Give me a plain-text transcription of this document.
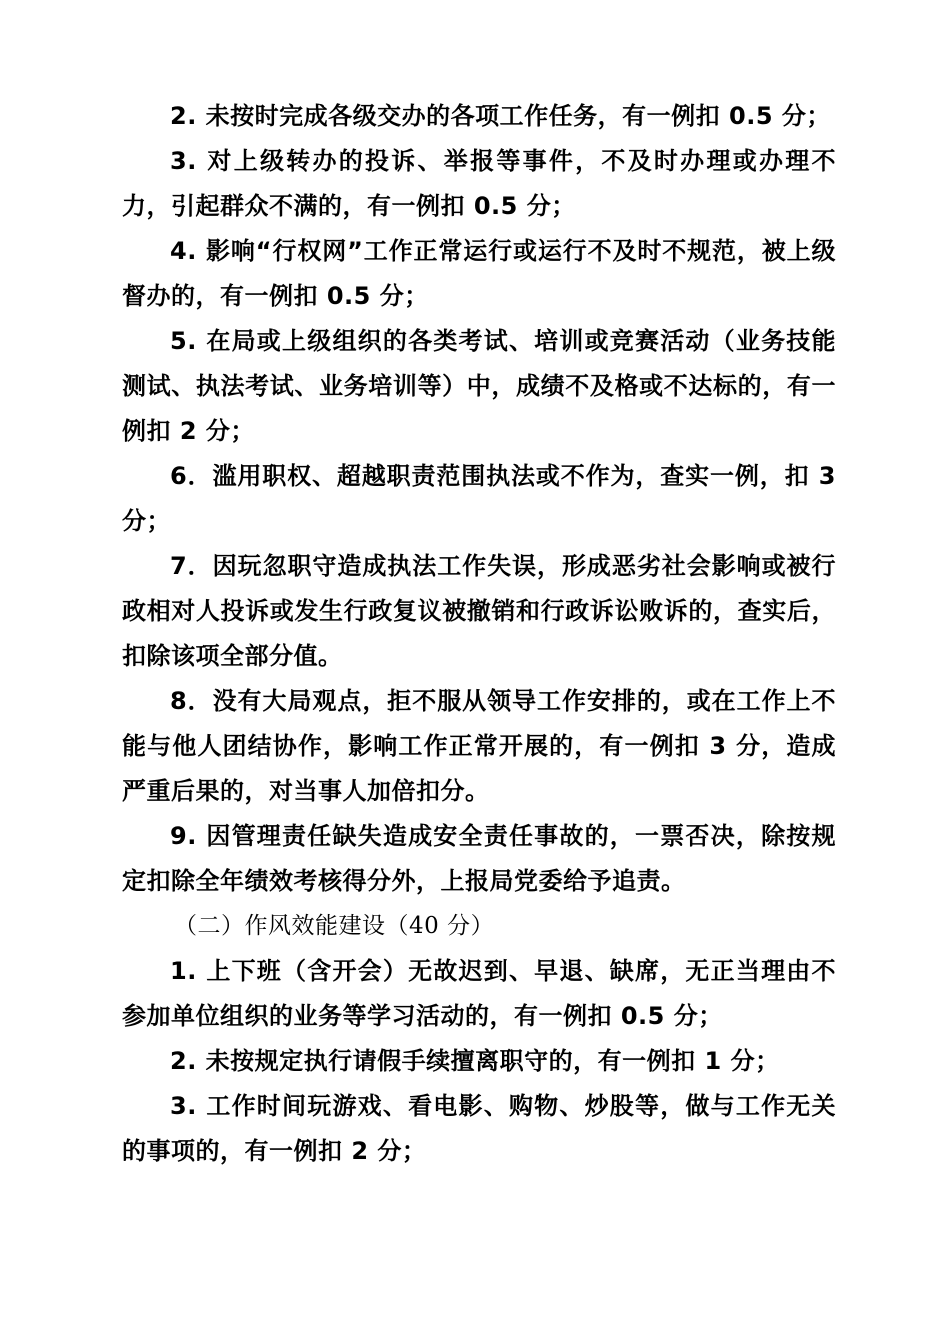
2. 未按时完成各级交办的各项工作任务，有一例扣 0.5 分；

3. 对上级转办的投诉、举报等事件，不及时办理或办理不力，引起群众不满的，有一例扣 0.5 分；

4. 影响“行权网”工作正常运行或运行不及时不规范，被上级督办的，有一例扣 0.5 分；

5. 在局或上级组织的各类考试、培训或竞赛活动（业务技能测试、执法考试、业务培训等）中，成绩不及格或不达标的，有一例扣 2 分；

6．滥用职权、超越职责范围执法或不作为，查实一例，扣 3 分；

7．因玩忽职守造成执法工作失误，形成恶劣社会影响或被行政相对人投诉或发生行政复议被撤销和行政诉讼败诉的，查实后，扣除该项全部分值。

8．没有大局观点，拒不服从领导工作安排的，或在工作上不能与他人团结协作，影响工作正常开展的，有一例扣 3 分，造成严重后果的，对当事人加倍扣分。

9. 因管理责任缺失造成安全责任事故的，一票否决，除按规定扣除全年绩效考核得分外，上报局党委给予追责。

（二）作风效能建设（40 分）

1. 上下班（含开会）无故迟到、早退、缺席，无正当理由不参加单位组织的业务等学习活动的，有一例扣 0.5 分；

2. 未按规定执行请假手续擅离职守的，有一例扣 1 分；

3. 工作时间玩游戏、看电影、购物、炒股等，做与工作无关的事项的，有一例扣 2 分；
